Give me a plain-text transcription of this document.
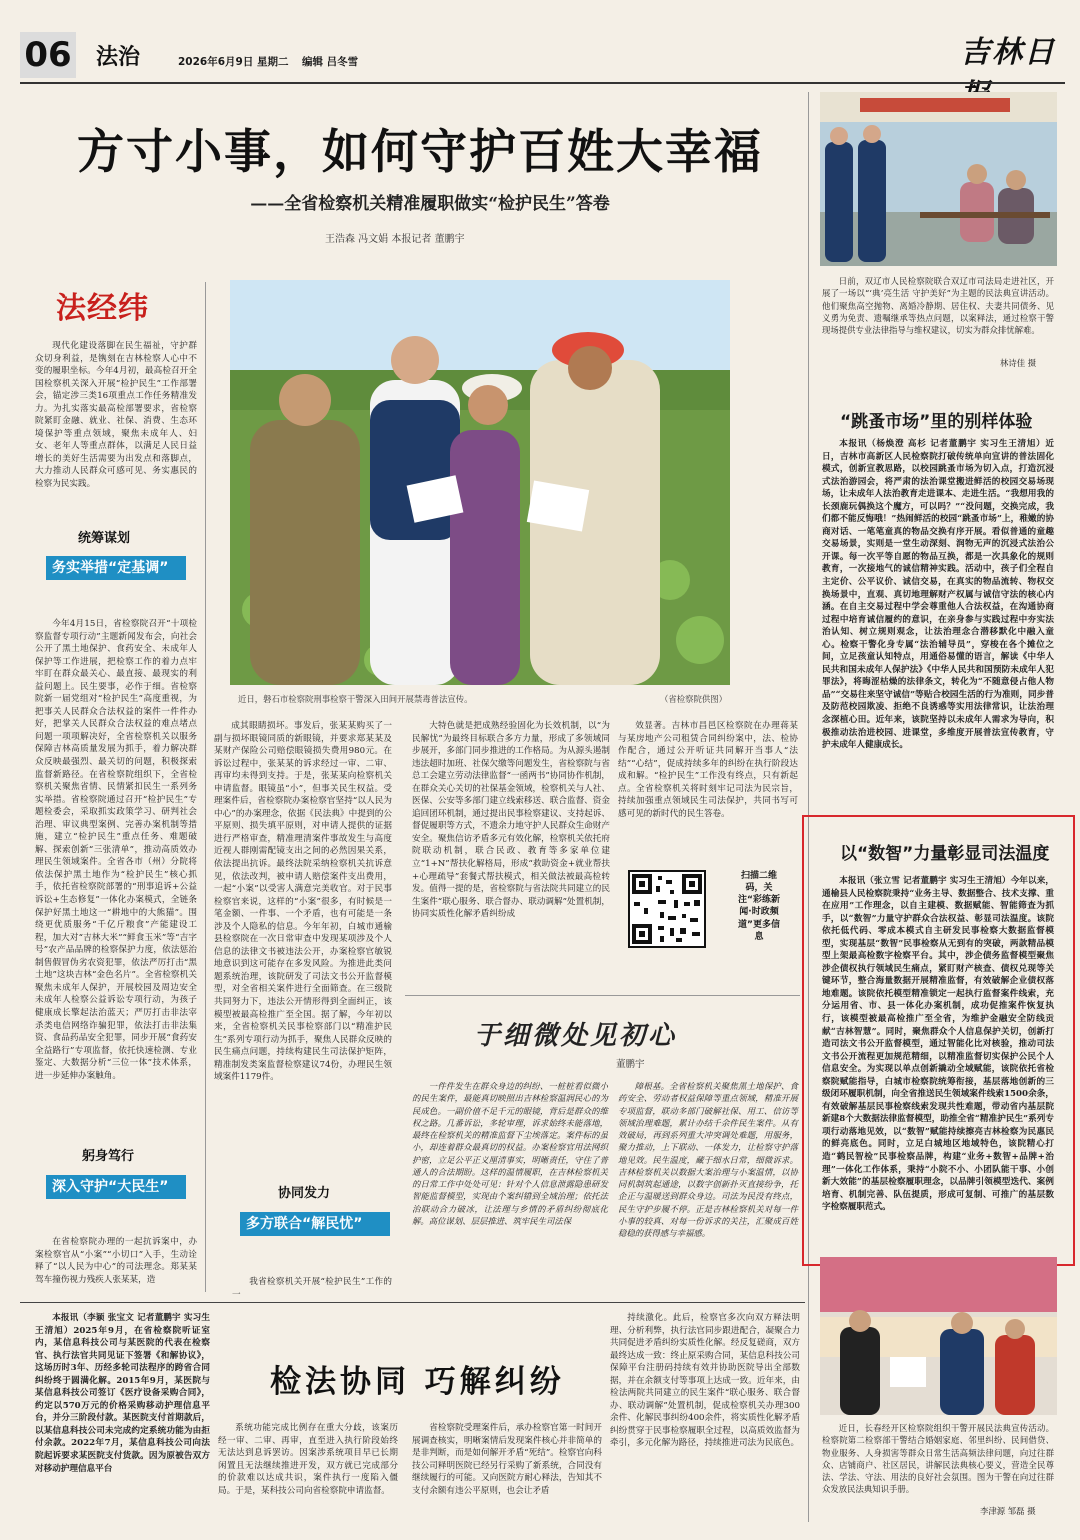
06 法治	2026年6月9日 星期二 编辑 吕冬雪	吉林日
方寸小事，如何守护百姓大幸福
——全省检察机关精准履职做实“检护民生”答卷
王浩森 冯文娟 本报记者 董鹏宇
法经纬

现代化建设落脚在民生福祉，守护群众切身利益，是镌刻在吉林检察人心中不变的履职坐标。今年4月初，最高检召开全国检察机关深入开展“检护民生”工作部署会，锚定涉三类16项重点工作任务精准发力。为扎实落实最高检部署要求，省检察院紧盯金融、就业、社保、消费、生态环境保护等重点领域，聚焦未成年人、妇女、老年人等重点群体，以满足人民日益增长的美好生活需要为出发点和落脚点，大力推动人民群众可感可见、务实惠民的检察为民实践。

统筹谋划
务实举措“定基调”

今年4月15日，省检察院召开“十项检察监督专项行动”主题新闻发布会，向社会公开了黑土地保护、食药安全、未成年人保护等工作进展，把检察工作的着力点牢牢盯在群众最关心、最直接、最现实的利益问题上。民生要事，必作于细。省检察院新一届党组对“检护民生”高度重视，为把事关人民群众合法权益的案件一件件办好，把掌关人民群众合法权益的难点堵点问题一项项解决好，全省检察机关以服务保障吉林高质量发展为抓手，着力解决群众反映最强烈、最关切的问题，积极探索监督新路径。在省检察院组织下，全省检察机关聚焦省情、民情紧扣民生一系列务实举措。省检察院通过召开“检护民生”专题检委会，采取抓实政策学习、研判社会治理、审议典型案例、完善办案机制等措施，建立“检护民生”重点任务、难题破解、探索创新“三张清单”，推动高质效办理民生领域案件。全省各市（州）分院将依法保护黑土地作为“检护民生”核心抓手，依托省检察院部署的“刑事追诉+公益诉讼+生态修复”一体化办案模式，全链条保护好黑土地这一“耕地中的大熊猫”。围绕更优质服务“千亿斤粮食”产能建设工程，加大对“吉林大米”“鲜食玉米”等“吉字号”农产品品牌的检察保护力度，依法惩治制售假冒伪劣农资犯罪，依法严厉打击“黑土地”这块吉林“金色名片”。全省检察机关聚焦未成年人保护，开展校园及周边安全未成年人检察公益诉讼专项行动，为孩子健康成长擎起法治蓝天；严厉打击非法宰杀类电信网络诈骗犯罪，依法打击非法集资、食品药品安全犯罪，同步开展“食药安全益路行”专项监督，依托快速检测、专业鉴定、大数据分析“三位一体”技术体系，进一步延伸办案触角。

躬身笃行
深入守护“大民生”

在省检察院办理的一起抗诉案中，办案检察官从“小案”“小切口”入手，生动诠释了“以人民为中心”的司法理念。郑某某驾车撞伤视力残疾人张某某，造

近日，磐石市检察院刑事检察干警深入田间开展禁毒普法宣传。	（省检察院供图）

成其眼睛损坏。事发后，张某某购买了一副与损坏眼镜同质的新眼镜，并要求郑某某及某财产保险公司赔偿眼镜损失费用980元。在诉讼过程中，张某某的诉求经过一审、二审、再审均未得到支持。于是，张某某向检察机关申请监督。眼镜虽“小”，但事关民生权益。受理案件后，省检察院办案检察官坚持“以人民为中心”的办案理念，依据《民法典》中提到的公平原则、损失填平原则，对申请人提供的证据进行严格审查，精准理清案件事故发生与高度近视人群刚需配镜支出之间的必然因果关系，依法提出抗诉。最终法院采纳检察机关抗诉意见，依法改判，被申请人赔偿案件支出费用，一起“小案”以受害人满意完美收官。对于民事检察官来说，这样的“小案”很多，有时候是一笔金额、一件事、一个矛盾，也有可能是一条涉及个人隐私的信息。今年年初，白城市通榆县检察院在一次日常审查中发现某项涉及个人信息的法律文书被违法公开，办案检察官敏锐地意识到这可能存在多发风险。为推进此类问题系统治理，该院研发了司法文书公开监督模型，对全省相关案件进行全面筛查。在三级院共同努力下，违法公开情形得到全面纠正，该模型被最高检推广至全国。据了解，今年初以来，全省检察机关民事检察部门以“精准护民生”系列专项行动为抓手，聚焦人民群众反映的民生痛点问题，持续构建民生司法保护矩阵，精准制发类案监督检察建议74份，办理民生领域案件1179件。

协同发力
多方联合“解民忧”

我省检察机关开展“检护民生”工作的一

大特色就是把成熟经验固化为长效机制，以“为民解忧”为最终目标联合多方力量，形成了多领域同步展开，多部门同步推进的工作格局。为从源头遏制违法超时加班、社保欠缴等问题发生，省检察院与省总工会建立劳动法律监督“一函两书”协同协作机制，在群众关心关切的社保基金领域，检察机关与人社、医保、公安等多部门建立线索移送、联合监督、资金追回团环机制，通过提出民事检察建议、支持起诉、督促履职等方式，不遗余力地守护人民群众生命财产安全。聚焦信访矛盾多元有效化解，检察机关依托府院联动机制，联合民政、教育等多家单位建立“1+N”帮扶化解格局，形成“救助资金+就业帮扶+心理疏导”套餐式帮扶模式，相关做法被最高检转发。值得一提的是，省检察院与省法院共同建立的民生案件“联心服务、联合督办、联动调解”处置机制，协同实质性化解矛盾纠纷成

效显著。吉林市昌邑区检察院在办理蒋某与某房地产公司租赁合同纠纷案中，法、检协作配合，通过公开听证共同解开当事人“法结”“心结”，促成持续多年的纠纷在执行阶段达成和解。“检护民生”工作没有终点，只有新起点。全省检察机关将时刻牢记司法为民宗旨，持续加强重点领域民生司法保护，共同书写可感可见的新时代的民生答卷。

扫描二维码，关注“彩练新闻·时政频道”更多信息
于细微处见初心
董鹏宇

一件件发生在群众身边的纠纷、一桩桩看似微小的民生案件，最能真切映照出吉林检察温润民心的为民成色。一副价值不足千元的眼镜，背后是群众的维权之路。几番诉讼，多轮审理，诉求始终未能落地，最终在检察机关的精准监督下尘埃落定。案件标的虽小，却连着群众最真切的权益。办案检察官用法网织护密，立足公平正义厘清事实，明晰责任，守住了普通人的合法期盼。这样的温情履职，在吉林检察机关的日常工作中处处可见：针对个人信息泄露隐患研发智能监督模型，实现由个案纠错到全域治理；依托法治联动合力破冰，让法理与乡情的矛盾纠纷彻底化解。高位谋划、层层推进、筑牢民生司法保

障根基。全省检察机关聚焦黑土地保护、食药安全、劳动者权益保障等重点领域，精准开展专项监督，联动多部门破解社保、用工、信访等领域治理难题，累计办结千余件民生案件。从有效破局，再到系列重大冲突调处难题，用服务，聚力推动，上下联动、一体发力，让检察守护落地见效。民生温度，藏于细水日常，细微诉求。吉林检察机关以数据大案治理与小案温情，以协同机制筑起通途，以数字创新扑灭直接纷争，托企正与温暖送到群众身边。司法为民没有终点，民生守护步履不停。正是吉林检察机关对每一件小事的较真、对每一份诉求的关注，汇聚成百姓稳稳的获得感与幸福感。

检法协同 巧解纠纷

本报讯（李颖 张宝文 记者董鹏宇 实习生王清旭）2025年9月，在省检察院听证室内，某信息科技公司与某医院的代表在检察官、执行法官共同见证下签署《和解协议》，这场历时3年、历经多轮司法程序的跨省合同纠纷终于圆满化解。2015年9月，某医院与某信息科技公司签订《医疗设备采购合同》，约定以570万元的价格采购移动护理信息平台，并分三阶段付款。某医院支付首期款后，以某信息科技公司未完成约定系统功能为由拒付余款。2022年7月，某信息科技公司向法院起诉要求某医院支付货款。因为原被告双方对移动护理信息平台

系统功能完成比例存在重大分歧，该案历经一审、二审、再审，直至进入执行阶段始终无法达到息诉罢访。因案涉系统项目早已长期闲置且无法继续推进开发，双方就已完成部分的价款难以达成共识，案件执行一度陷入僵局。于是，某科技公司向省检察院申请监督。

省检察院受理案件后，承办检察官第一时间开展调查核实，明晰案情后发现案件核心并非简单的是非判断，而是如何解开矛盾“死结”。检察官向科技公司释明医院已经另行采购了新系统，合同没有继续履行的可能。又向医院方耐心释法，告知其不支付余额有违公平原则，也会让矛盾

持续激化。此后，检察官多次向双方释法明理、分析利弊，执行法官同步跟进配合，凝聚合力共同促进矛盾纠纷实质性化解。经反复磋商，双方最终达成一致：终止原采购合同，某信息科技公司保障平台注册码持续有效并协助医院导出全部数据，并在余额支付等事项上达成一致。近年来，由检法两院共同建立的民生案件“联心服务、联合督办、联动调解”处置机制，促成检察机关办理300余件、化解民事纠纷400余件，将实质性化解矛盾纠纷贯穿于民事检察履职全过程，以高质效监督为牵引，多元化解为路径，持续推进司法为民底色。

日前，双辽市人民检察院联合双辽市司法局走进社区，开展了一场以“‘典’亮生活 守护美好”为主题的民法典宣讲活动。他们聚焦高空抛物、离婚冷静期、居住权、夫妻共同债务、见义勇为免责、遗嘱继承等热点问题，以案释法，通过检察干警现场提供专业法律指导与维权建议，切实为群众排忧解难。

林诗佳 摄
“跳蚤市场”里的别样体验

本报讯（杨焕澄 高杉 记者董鹏宇 实习生王清旭）近日，吉林市高新区人民检察院打破传统单向宣讲的普法固化模式，创新宣教思路，以校园跳蚤市场为切入点，打造沉浸式法治游园会，将严肃的法治课堂搬进鲜活的校园交易场现场，让未成年人法治教育走进课本、走进生活。“我想用我的长颈鹿玩偶换这个魔方，可以吗？”“没问题，交换完成，我们都不能反悔哦！”热闹鲜活的校园“跳蚤市场”上，稚嫩的协商对话、一笔笔童真的物品交换有序开展。看似普通的童趣交易场景，实则是一堂生动深刻、润物无声的沉浸式法治公开课。每一次平等自愿的物品互换，都是一次具象化的规则教育，一次接地气的诚信精神实践。活动中，孩子们全程自主定价、公平议价、诚信交易，在真实的物品流转、物权交换场景中，直观、真切地理解财产权属与诚信守法的核心内涵。在自主交易过程中学会尊重他人合法权益，在沟通协商过程中培育诚信履约的意识，在亲身参与实践过程中夯实法治认知、树立规则观念，让法治理念合潜移默化中融入童心。检察干警化身专属“法治辅导员”，穿梭在各个摊位之间，立足孩童认知特点，用通俗易懂的语言，解读《中华人民共和国未成年人保护法》《中华人民共和国预防未成年人犯罪法》，将晦涩枯燥的法律条文，转化为“不随意侵占他人物品”“交易往来坚守诚信”等贴合校园生活的行为准则，同步普及防范校园欺凌、拒绝不良诱惑等实用法律常识，让法治理念深植心田。近年来，该院坚持以未成年人需求为导向，积极推动法治进校园、进课堂，多维度开展普法宣传教育，守护未成年人健康成长。

以“数智”力量彰显司法温度

本报讯（张立雪 记者董鹏宇 实习生王清旭）今年以来，通榆县人民检察院秉持“业务主导、数据整合、技术支撑、重在应用”工作理念，以自主建模、数据赋能、智能筛查为抓手，以“数智”力量守护群众合法权益、彰显司法温度。该院依托低代码、零成本模式自主研发民事检察大数据监督模型，实现基层“数智”民事检察从无到有的突破，两款精品模型上架最高检数字检察平台。其中，涉企债务监督模型聚焦涉企债权执行领域民生痛点，紧盯财产核查、债权兑现等关键环节，整合海量数据开展精准监督，有效破解企业债权落地难题。该院依托模型精准锁定一起执行监督案件线索，充分运用省、市、县一体化办案机制，成功促推案件恢复执行，该模型被最高检推广至全省，为维护金融安全防线贡献“吉林智慧”。同时，聚焦群众个人信息保护关切，创新打造司法文书公开监督模型，通过智能化比对核验，推动司法文书公开流程更加规范精细，以精准监督切实保护公民个人信息安全。为实现以单点创新撬动全域赋能，该院依托省检察院赋能指导，白城市检察院统筹衔接，基层落地创新的三级闭环履职机制，向全省推送民生领域案件线索1500余条，有效破解基层民事检察线索发现共性难题，带动省内基层院新建8个大数据法律监督模型，助推全省“精准护民生”系列专项行动落地见效，以“数智”赋能持续擦亮吉林检察为民惠民的鲜亮底色。同时，立足白城地区地域特色，该院精心打造“鹤民智检”民事检察品牌，构建“业务+数智+品牌+治理”一体化工作体系，秉持“小院不小、小团队能干事、小创新大效能”的基层检察履职理念，以品牌引领模型迭代、案例培育、机制完善、队伍提质，形成可复制、可推广的基层数字检察履职范式。

近日，长春经开区检察院组织干警开展民法典宣传活动。检察院第二检察部干警结合婚姻家庭、邻里纠纷、民间借贷、物业服务、人身损害等群众日常生活高频法律问题，向过往群众、店铺商户、社区居民，讲解民法典核心要义，营造全民尊法、学法、守法、用法的良好社会氛围。图为干警在向过往群众发放民法典知识手册。

李津源 邹磊 摄
